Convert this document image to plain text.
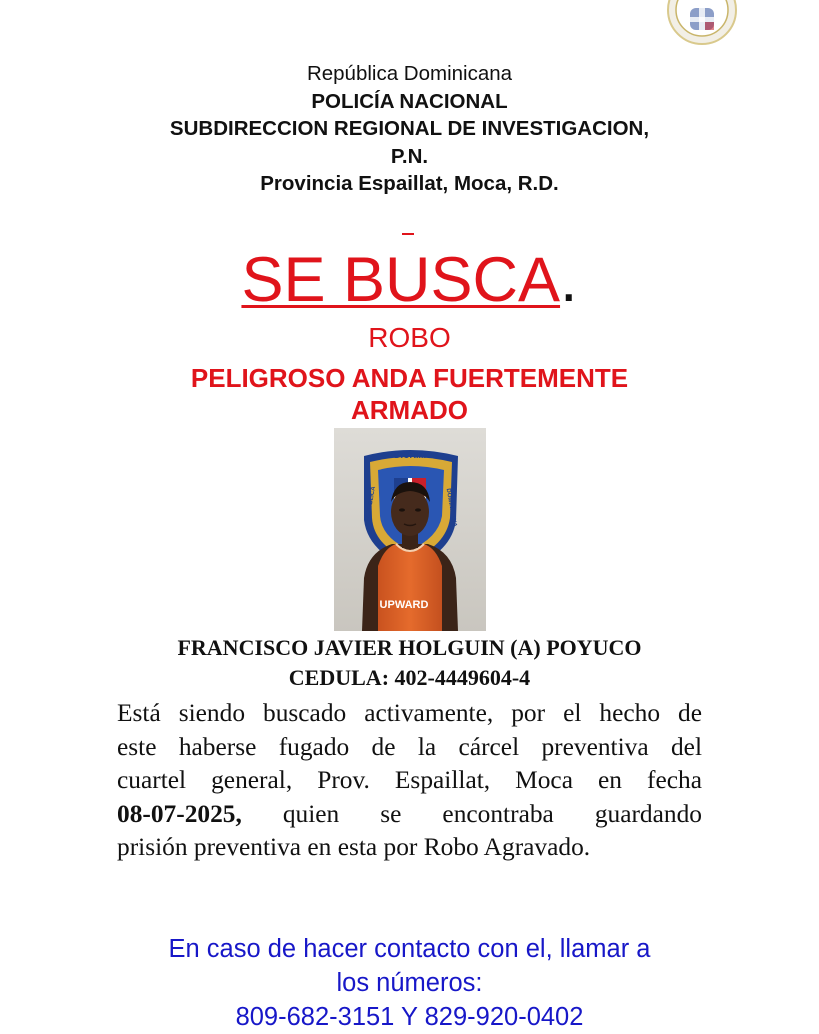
República Dominicana
POLICÍA NACIONAL
SUBDIRECCION REGIONAL DE INVESTIGACION,
P.N.
Provincia Espaillat, Moca, R.D.
SE BUSCA.
ROBO
PELIGROSO ANDA FUERTEMENTE
ARMADO
DICRIM
REPUBLICA	DOMINICANA
UPWARD
FRANCISCO JAVIER HOLGUIN (A) POYUCO
CEDULA: 402-4449604-4
Está siendo buscado activamente, por el hecho de
este haberse fugado de la cárcel preventiva del
cuartel general, Prov. Espaillat, Moca en fecha
08-07-2025, quien se encontraba guardando
prisión preventiva en esta por Robo Agravado.
En caso de hacer contacto con el, llamar a
los números:
809-682-3151 Y 829-920-0402
